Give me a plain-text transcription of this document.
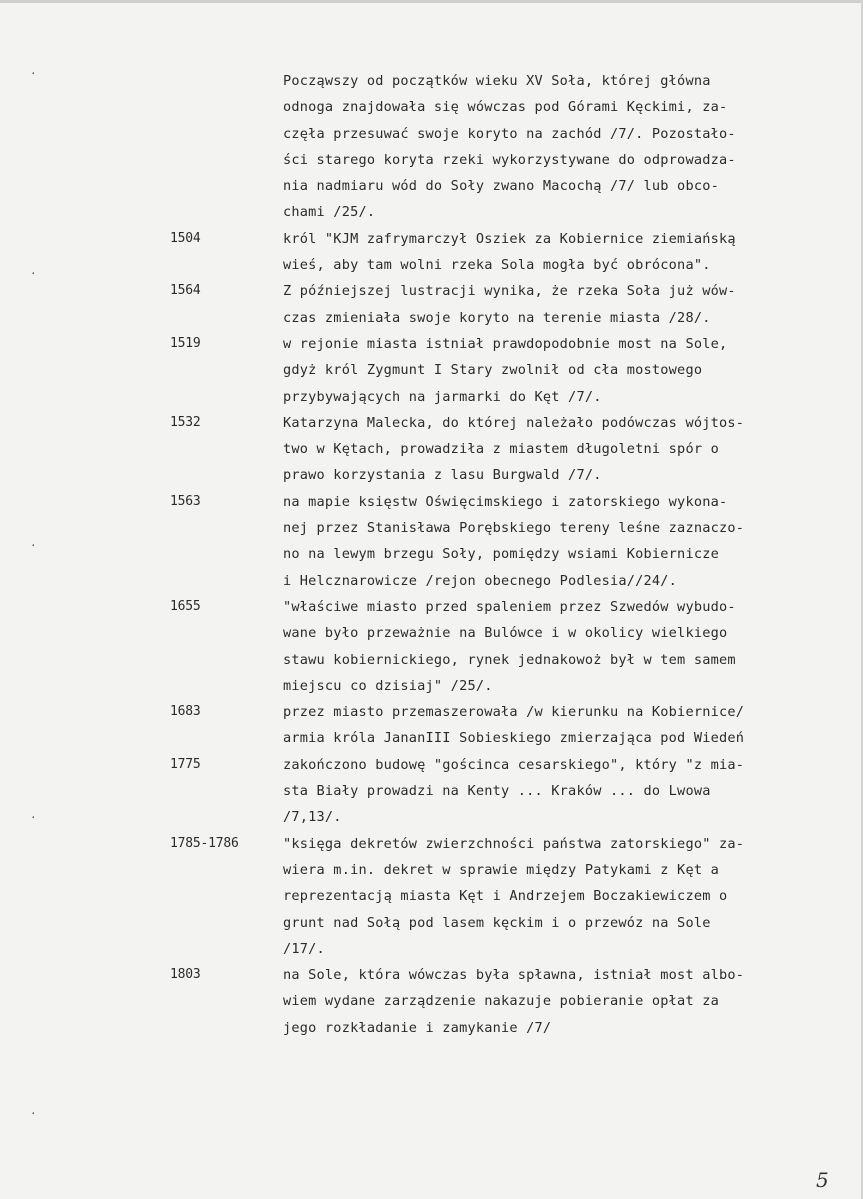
·
·
·
·
·
Począwszy od początków wieku XV Soła, której główna
odnoga znajdowała się wówczas pod Górami Kęckimi, za-
częła przesuwać swoje koryto na zachód /7/. Pozostało-
ści starego koryta rzeki wykorzystywane do odprowadza-
nia nadmiaru wód do Soły zwano Macochą /7/ lub obco-
chami /25/.
1504	król "KJM zafrymarczył Osziek za Kobiernice ziemiańską
wieś, aby tam wolni rzeka Sola mogła być obrócona".
1564	Z późniejszej lustracji wynika, że rzeka Soła już wów-
czas zmieniała swoje koryto na terenie miasta /28/.
1519	w rejonie miasta istniał prawdopodobnie most na Sole,
gdyż król Zygmunt I Stary zwolnił od cła mostowego
przybywających na jarmarki do Kęt /7/.
1532	Katarzyna Malecka, do której należało podówczas wójtos-
two w Kętach, prowadziła z miastem długoletni spór o
prawo korzystania z lasu Burgwald /7/.
1563	na mapie księstw Oświęcimskiego i zatorskiego wykona-
nej przez Stanisława Porębskiego tereny leśne zaznaczo-
no na lewym brzegu Soły, pomiędzy wsiami Kobiernicze
i Helcznarowicze /rejon obecnego Podlesia//24/.
1655	"właściwe miasto przed spaleniem przez Szwedów wybudo-
wane było przeważnie na Bulówce i w okolicy wielkiego
stawu kobiernickiego, rynek jednakowoż był w tem samem
miejscu co dzisiaj" /25/.
1683	przez miasto przemaszerowała /w kierunku na Kobiernice/
armia króla JananIII Sobieskiego zmierzająca pod Wiedeń
1775	zakończono budowę "gościnca cesarskiego", który "z mia-
sta Biały prowadzi na Kenty ... Kraków ... do Lwowa
/7,13/.
1785-1786	"księga dekretów zwierzchności państwa zatorskiego" za-
wiera m.in. dekret w sprawie między Patykami z Kęt a
reprezentacją miasta Kęt i Andrzejem Boczakiewiczem o
grunt nad Sołą pod lasem kęckim i o przewóz na Sole
/17/.
1803	na Sole, która wówczas była spławna, istniał most albo-
wiem wydane zarządzenie nakazuje pobieranie opłat za
jego rozkładanie i zamykanie /7/
5
